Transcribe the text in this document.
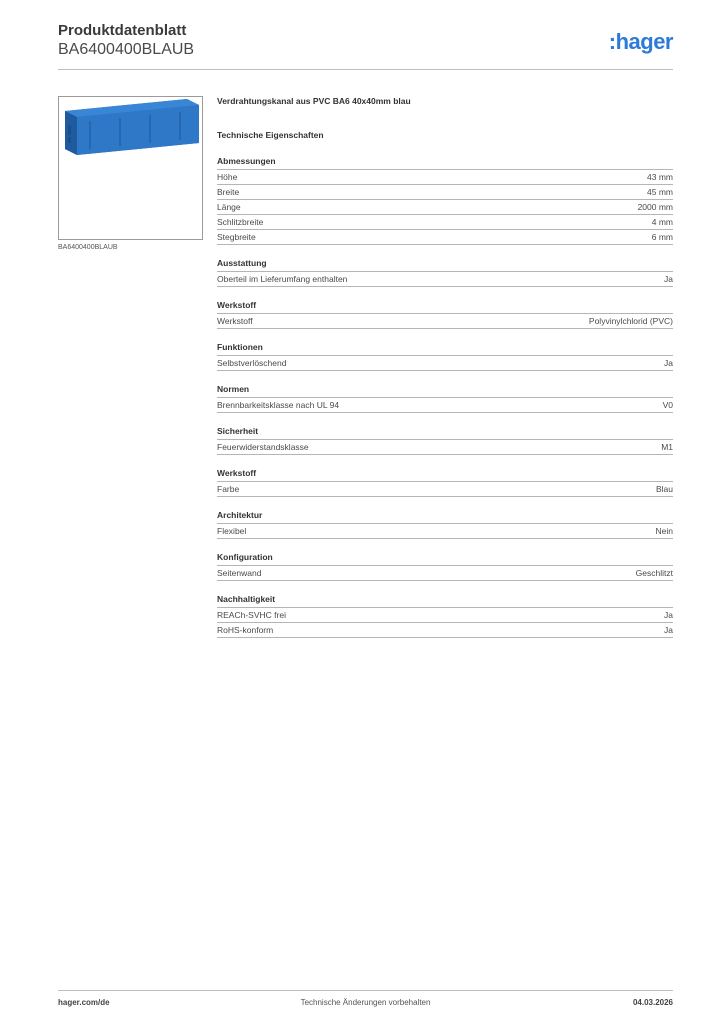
Produktdatenblatt
BA6400400BLAUB	:hager
BA6400400BLAUB
Verdrahtungskanal aus PVC BA6 40x40mm blau
Technische Eigenschaften
Abmessungen
Höhe	43 mm
Breite	45 mm
Länge	2000 mm
Schlitzbreite	4 mm
Stegbreite	6 mm
Ausstattung
Oberteil im Lieferumfang enthalten	Ja
Werkstoff
Werkstoff	Polyvinylchlorid (PVC)
Funktionen
Selbstverlöschend	Ja
Normen
Brennbarkeitsklasse nach UL 94	V0
Sicherheit
Feuerwiderstandsklasse	M1
Werkstoff
Farbe	Blau
Architektur
Flexibel	Nein
Konfiguration
Seitenwand	Geschlitzt
Nachhaltigkeit
REACh-SVHC frei	Ja
RoHS-konform	Ja
hager.com/de	Technische Änderungen vorbehalten	04.03.2026
